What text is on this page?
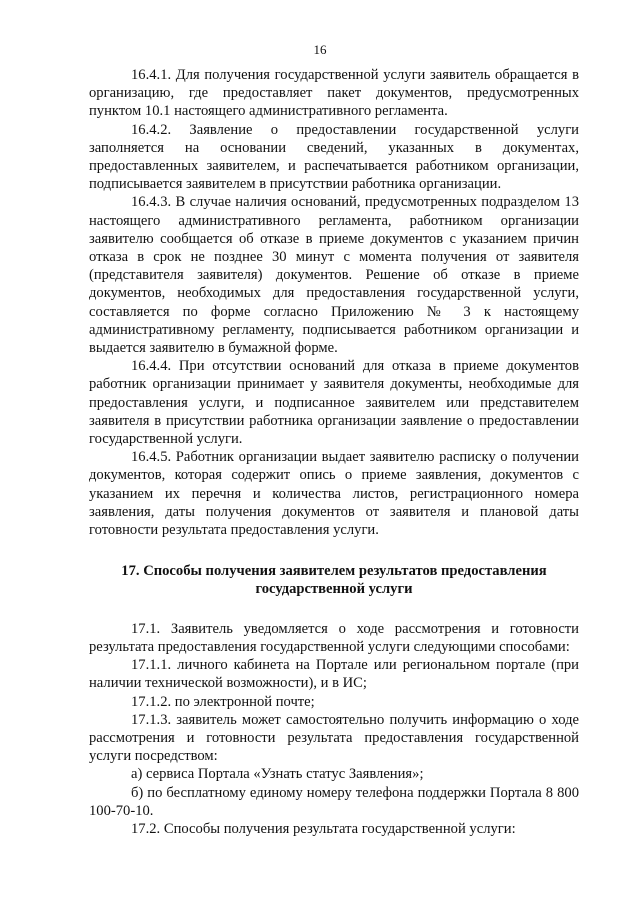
16

16.4.1. Для получения государственной услуги заявитель обращается в организацию, где предоставляет пакет документов, предусмотренных пунктом 10.1 настоящего административного регламента.

16.4.2. Заявление о предоставлении государственной услуги заполняется на основании сведений, указанных в документах, предоставленных заявителем, и распечатывается работником организации, подписывается заявителем в присутствии работника организации.

16.4.3. В случае наличия оснований, предусмотренных подразделом 13 настоящего административного регламента, работником организации заявителю сообщается об отказе в приеме документов с указанием причин отказа в срок не позднее 30 минут с момента получения от заявителя (представителя заявителя) документов. Решение об отказе в приеме документов, необходимых для предоставления государственной услуги, составляется по форме согласно Приложению № 3 к настоящему административному регламенту, подписывается работником организации и выдается заявителю в бумажной форме.

16.4.4. При отсутствии оснований для отказа в приеме документов работник организации принимает у заявителя документы, необходимые для предоставления услуги, и подписанное заявителем или представителем заявителя в присутствии работника организации заявление о предоставлении государственной услуги.

16.4.5. Работник организации выдает заявителю расписку о получении документов, которая содержит опись о приеме заявления, документов с указанием их перечня и количества листов, регистрационного номера заявления, даты получения документов от заявителя и плановой даты готовности результата предоставления услуги.

17. Способы получения заявителем результатов предоставления государственной услуги

17.1. Заявитель уведомляется о ходе рассмотрения и готовности результата предоставления государственной услуги следующими способами:

17.1.1. личного кабинета на Портале или региональном портале (при наличии технической возможности), и в ИС;

17.1.2. по электронной почте;

17.1.3. заявитель может самостоятельно получить информацию о ходе рассмотрения и готовности результата предоставления государственной услуги посредством:

а) сервиса Портала «Узнать статус Заявления»;

б) по бесплатному единому номеру телефона поддержки Портала 8 800 100-70-10.

17.2. Способы получения результата государственной услуги:
